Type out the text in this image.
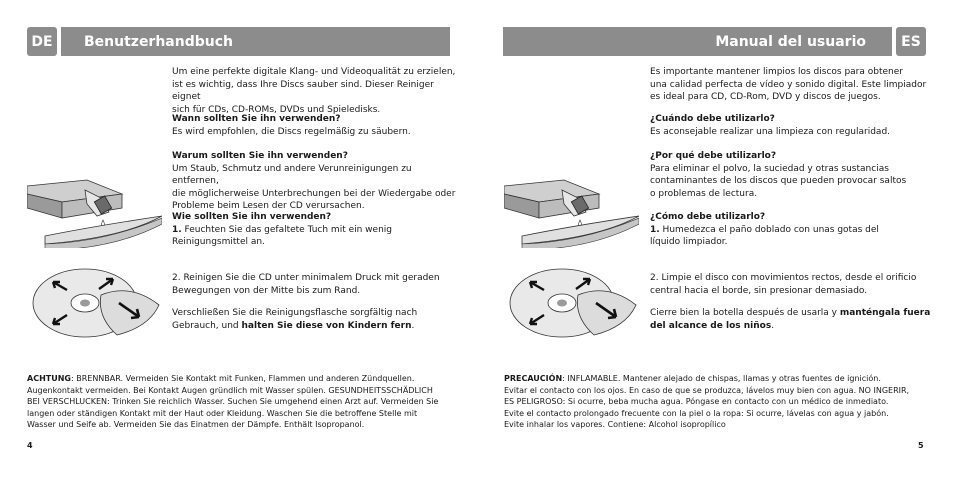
DE	Benutzerhandbuch

Um eine perfekte digitale Klang- und Videoqualität zu erzielen,

ist es wichtig, dass Ihre Discs sauber sind. Dieser Reiniger eignet

sich für CDs, CD-ROMs, DVDs und Spieledisks.

Wann sollten Sie ihn verwenden?

Es wird empfohlen, die Discs regelmäßig zu säubern.

Warum sollten Sie ihn verwenden?

Um Staub, Schmutz und andere Verunreinigungen zu entfernen,

die möglicherweise Unterbrechungen bei der Wiedergabe oder

Probleme beim Lesen der CD verursachen.

Wie sollten Sie ihn verwenden?

1. Feuchten Sie das gefaltete Tuch mit ein wenig

Reinigungsmittel an.

2. Reinigen Sie die CD unter minimalem Druck mit geraden

Bewegungen von der Mitte bis zum Rand.

Verschließen Sie die Reinigungsflasche sorgfältig nach

Gebrauch, und halten Sie diese von Kindern fern.

ACHTUNG: BRENNBAR. Vermeiden Sie Kontakt mit Funken, Flammen und anderen Zündquellen.

Augenkontakt vermeiden. Bei Kontakt Augen gründlich mit Wasser spülen. GESUNDHEITSSCHÄDLICH

BEI VERSCHLUCKEN: Trinken Sie reichlich Wasser. Suchen Sie umgehend einen Arzt auf. Vermeiden Sie

langen oder ständigen Kontakt mit der Haut oder Kleidung. Waschen Sie die betroffene Stelle mit

Wasser und Seife ab. Vermeiden Sie das Einatmen der Dämpfe. Enthält Isopropanol.

4
Manual del usuario	ES

Es importante mantener limpios los discos para obtener

una calidad perfecta de vídeo y sonido digital. Este limpiador

es ideal para CD, CD-Rom, DVD y discos de juegos.

¿Cuándo debe utilizarlo?

Es aconsejable realizar una limpieza con regularidad.

¿Por qué debe utilizarlo?

Para eliminar el polvo, la suciedad y otras sustancias

contaminantes de los discos que pueden provocar saltos

o problemas de lectura.

¿Cómo debe utilizarlo?

1. Humedezca el paño doblado con unas gotas del

líquido limpiador.

2. Limpie el disco con movimientos rectos, desde el orificio

central hacia el borde, sin presionar demasiado.

Cierre bien la botella después de usarla y manténgala fuera del alcance de los niños.

PRECAUCIÓN: INFLAMABLE. Mantener alejado de chispas, llamas y otras fuentes de ignición.

Evitar el contacto con los ojos. En caso de que se produzca, lávelos muy bien con agua. NO INGERIR,

ES PELIGROSO: Si ocurre, beba mucha agua. Póngase en contacto con un médico de inmediato.

Evite el contacto prolongado frecuente con la piel o la ropa: Si ocurre, lávelas con agua y jabón.

Evite inhalar los vapores. Contiene: Alcohol isopropílico

5
